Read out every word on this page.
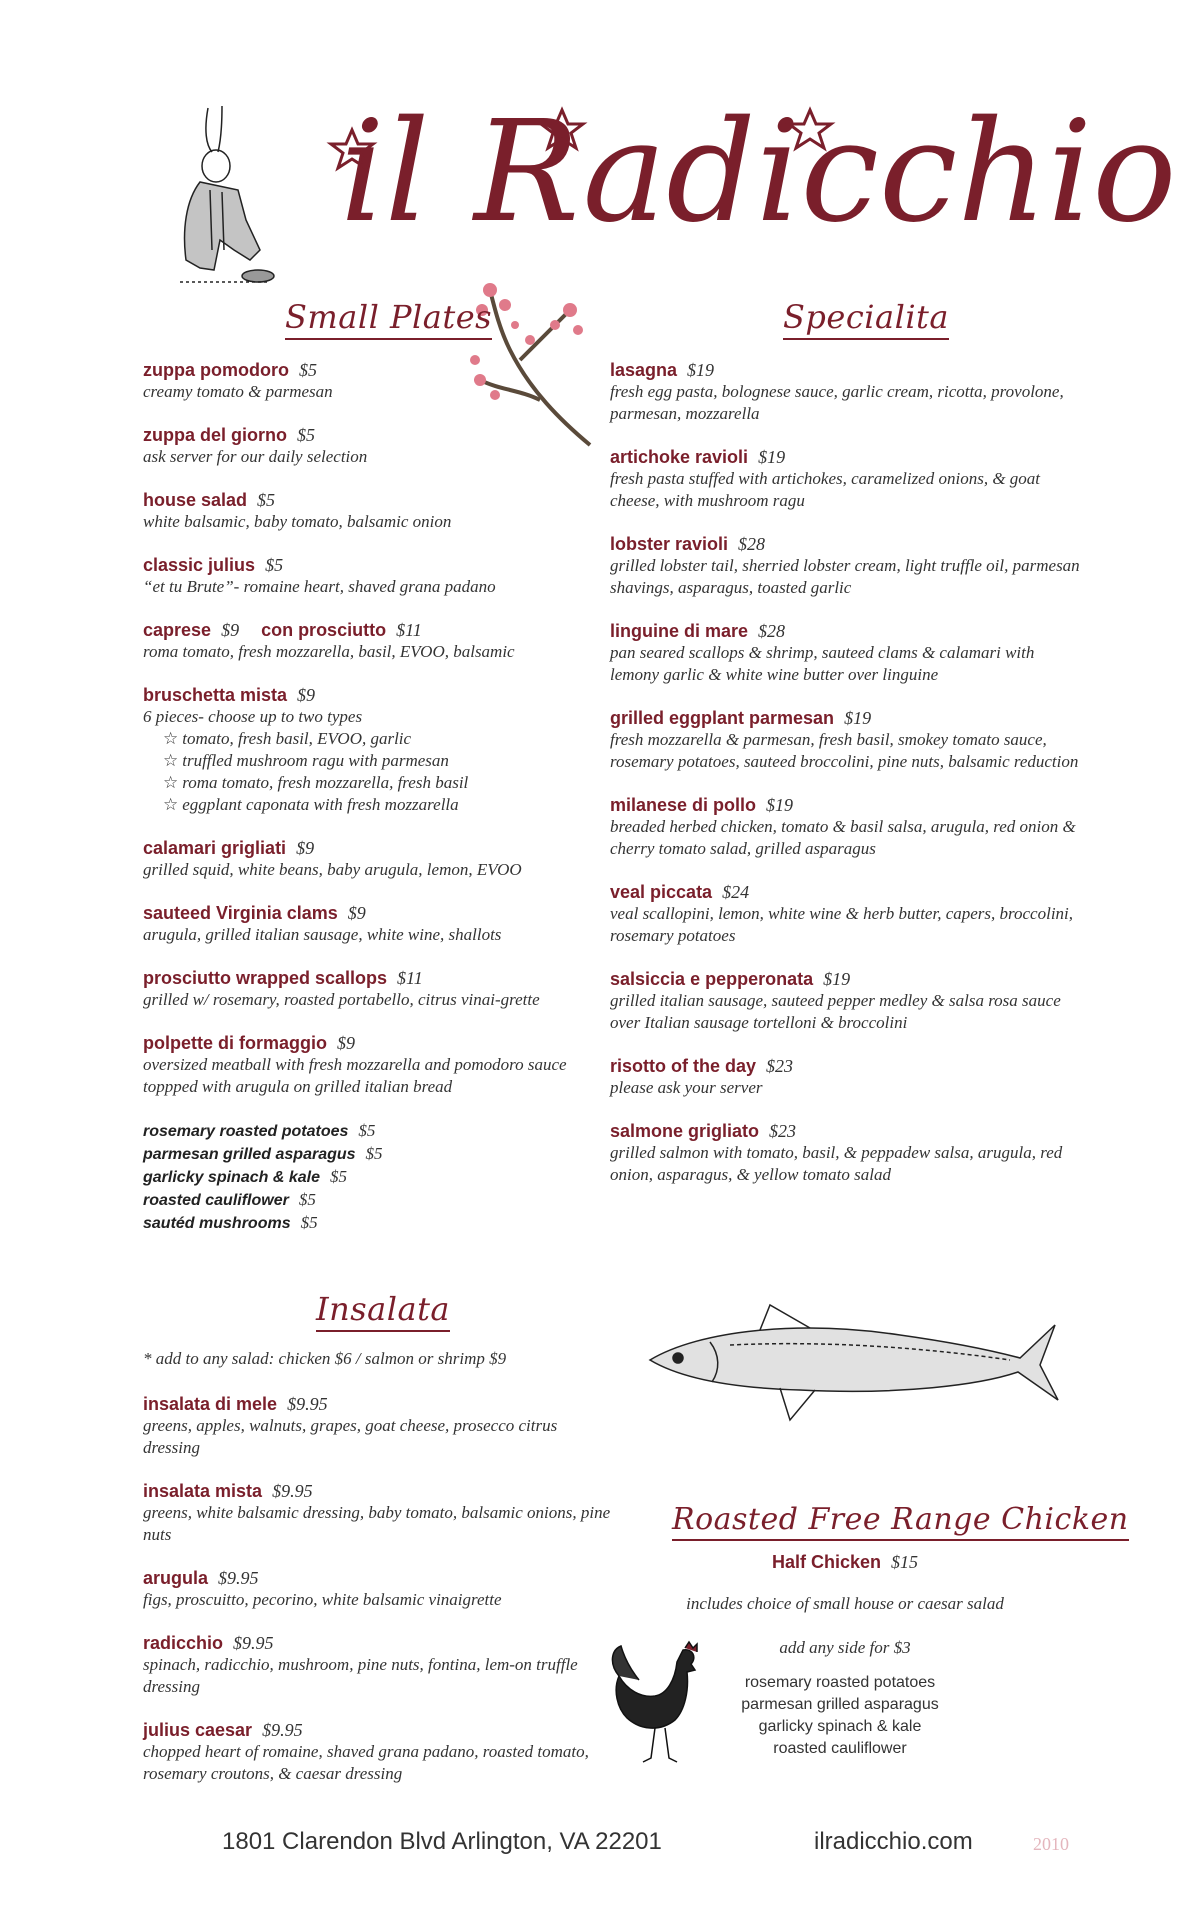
il Radicchio
Small Plates
zuppa pomodoro $5
creamy tomato & parmesan
zuppa del giorno $5
ask server for our daily selection
house salad $5
white balsamic, baby tomato, balsamic onion
classic julius $5
“et tu Brute”- romaine heart, shaved grana padano
caprese $9 con prosciutto $11
roma tomato, fresh mozzarella, basil, EVOO, balsamic
bruschetta mista $9
6 pieces- choose up to two types
☆ tomato, fresh basil, EVOO, garlic
☆ truffled mushroom ragu with parmesan
☆ roma tomato, fresh mozzarella, fresh basil
☆ eggplant caponata with fresh mozzarella
calamari grigliati $9
grilled squid, white beans, baby arugula, lemon, EVOO
sauteed Virginia clams $9
arugula, grilled italian sausage, white wine, shallots
prosciutto wrapped scallops $11
grilled w/ rosemary, roasted portabello, citrus vinai-grette
polpette di formaggio $9
oversized meatball with fresh mozzarella and pomodoro sauce toppped with arugula on grilled italian bread
rosemary roasted potatoes $5
parmesan grilled asparagus $5
garlicky spinach & kale $5
roasted cauliflower $5
sautéd mushrooms $5
Insalata
* add to any salad: chicken $6 / salmon or shrimp $9
insalata di mele $9.95
greens, apples, walnuts, grapes, goat cheese, prosecco citrus dressing
insalata mista $9.95
greens, white balsamic dressing, baby tomato, balsamic onions, pine nuts
arugula $9.95
figs, proscuitto, pecorino, white balsamic vinaigrette
radicchio $9.95
spinach, radicchio, mushroom, pine nuts, fontina, lem-on truffle dressing
julius caesar $9.95
chopped heart of romaine, shaved grana padano, roasted tomato, rosemary croutons, & caesar dressing
Specialita
lasagna $19
fresh egg pasta, bolognese sauce, garlic cream, ricotta, provolone, parmesan, mozzarella
artichoke ravioli $19
fresh pasta stuffed with artichokes, caramelized onions, & goat cheese, with mushroom ragu
lobster ravioli $28
grilled lobster tail, sherried lobster cream, light truffle oil, parmesan shavings, asparagus, toasted garlic
linguine di mare $28
pan seared scallops & shrimp, sauteed clams & calamari with lemony garlic & white wine butter over linguine
grilled eggplant parmesan $19
fresh mozzarella & parmesan, fresh basil, smokey tomato sauce, rosemary potatoes, sauteed broccolini, pine nuts, balsamic reduction
milanese di pollo $19
breaded herbed chicken, tomato & basil salsa, arugula, red onion & cherry tomato salad, grilled asparagus
veal piccata $24
veal scallopini, lemon, white wine & herb butter, capers, broccolini, rosemary potatoes
salsiccia e pepperonata $19
grilled italian sausage, sauteed pepper medley & salsa rosa sauce over Italian sausage tortelloni & broccolini
risotto of the day $23
please ask your server
salmone grigliato $23
grilled salmon with tomato, basil, & peppadew salsa, arugula, red onion, asparagus, & yellow tomato salad
Roasted Free Range Chicken
Half Chicken $15
includes choice of small house or caesar salad
add any side for $3
rosemary roasted potatoes
parmesan grilled asparagus
garlicky spinach & kale
roasted cauliflower
1801 Clarendon Blvd Arlington, VA 22201	ilradicchio.com	2010
